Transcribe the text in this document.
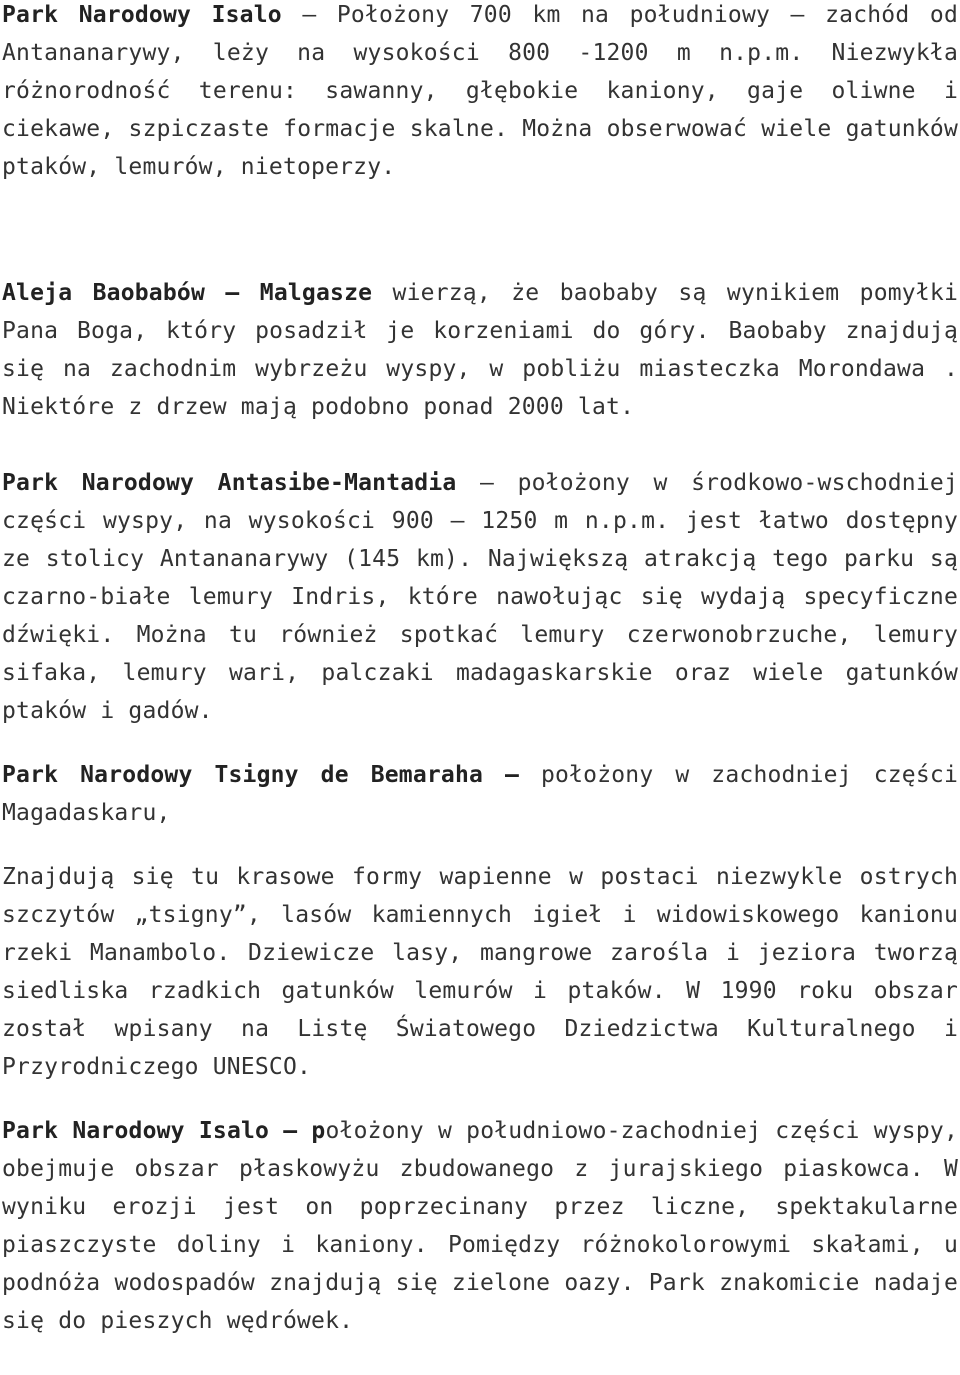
Park Narodowy Isalo – Położony 700 km na południowy – zachód od Antananarywy, leży na wysokości 800 -1200 m n.p.m. Niezwykła różnorodność terenu: sawanny, głębokie kaniony, gaje oliwne i ciekawe, szpiczaste formacje skalne. Można obserwować wiele gatunków ptaków, lemurów, nietoperzy.

Aleja Baobabów – Malgasze wierzą, że baobaby są wynikiem pomyłki Pana Boga, który posadził je korzeniami do góry. Baobaby znajdują się na zachodnim wybrzeżu wyspy, w pobliżu miasteczka Morondawa . Niektóre z drzew mają podobno ponad 2000 lat.

Park Narodowy Antasibe-Mantadia – położony w środkowo-wschodniej części wyspy, na wysokości 900 – 1250 m n.p.m. jest łatwo dostępny ze stolicy Antananarywy (145 km). Największą atrakcją tego parku są czarno-białe lemury Indris, które nawołując się wydają specyficzne dźwięki. Można tu również spotkać lemury czerwonobrzuche, lemury sifaka, lemury wari, palczaki madagaskarskie oraz wiele gatunków ptaków i gadów.

Park Narodowy Tsigny de Bemaraha – położony w zachodniej części Magadaskaru,

Znajdują się tu krasowe formy wapienne w postaci niezwykle ostrych szczytów „tsigny”, lasów kamiennych igieł i widowiskowego kanionu rzeki Manambolo. Dziewicze lasy, mangrowe zarośla i jeziora tworzą siedliska rzadkich gatunków lemurów i ptaków. W 1990 roku obszar został wpisany na Listę Światowego Dziedzictwa Kulturalnego i Przyrodniczego UNESCO.

Park Narodowy Isalo – położony w południowo-zachodniej części wyspy, obejmuje obszar płaskowyżu zbudowanego z jurajskiego piaskowca. W wyniku erozji jest on poprzecinany przez liczne, spektakularne piaszczyste doliny i kaniony. Pomiędzy różnokolorowymi skałami, u podnóża wodospadów znajdują się zielone oazy. Park znakomicie nadaje się do pieszych wędrówek.
